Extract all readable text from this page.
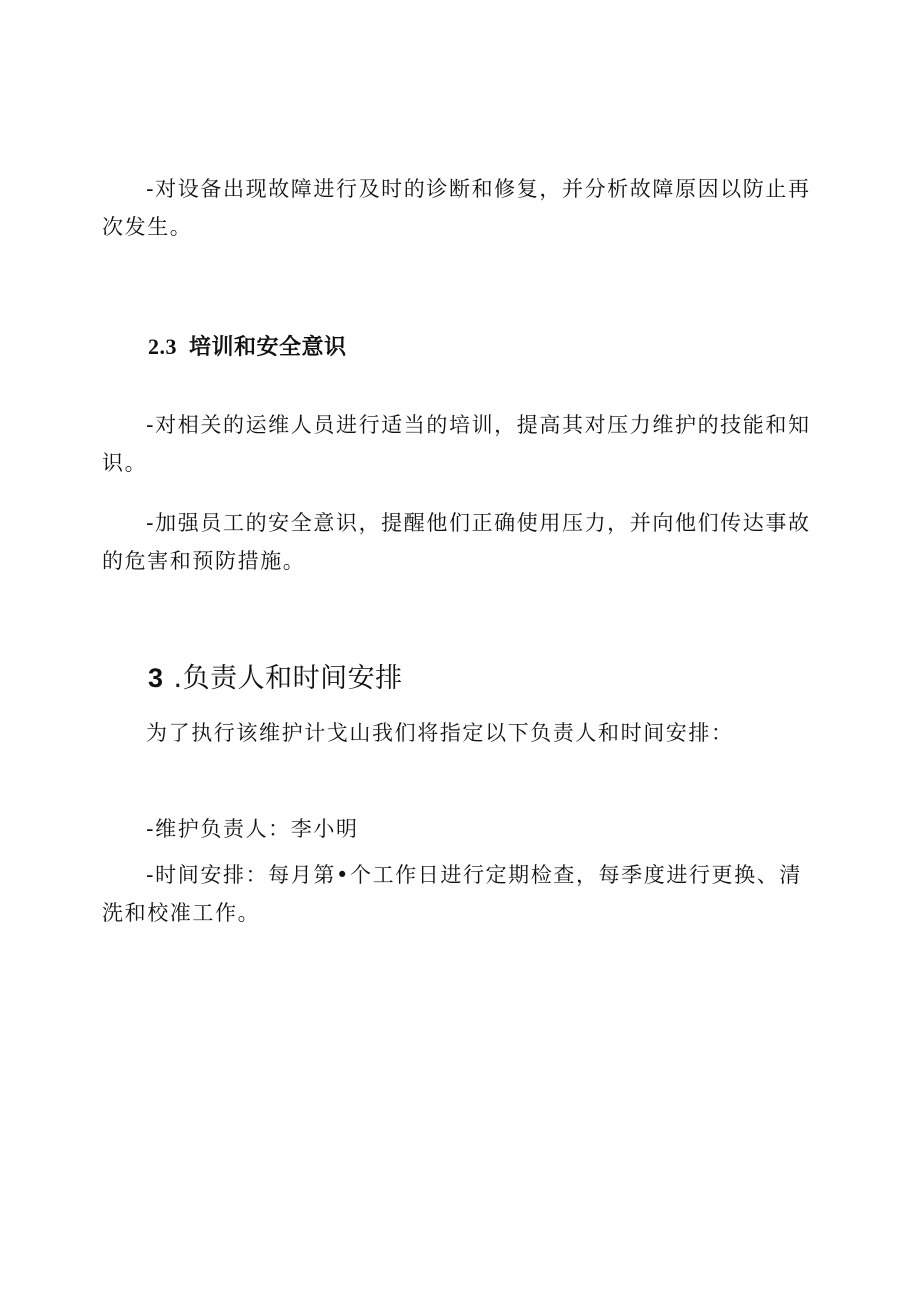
-对设备出现故障进行及时的诊断和修复，并分析故障原因以防止再次发生。

2.3 培训和安全意识

-对相关的运维人员进行适当的培训，提高其对压力维护的技能和知识。

-加强员工的安全意识，提醒他们正确使用压力，并向他们传达事故的危害和预防措施。

3 .负责人和时间安排

为了执行该维护计戈山我们将指定以下负责人和时间安排：

-维护负责人：李小明

-时间安排：每月第•个工作日进行定期检查，每季度进行更换、清洗和校准工作。
